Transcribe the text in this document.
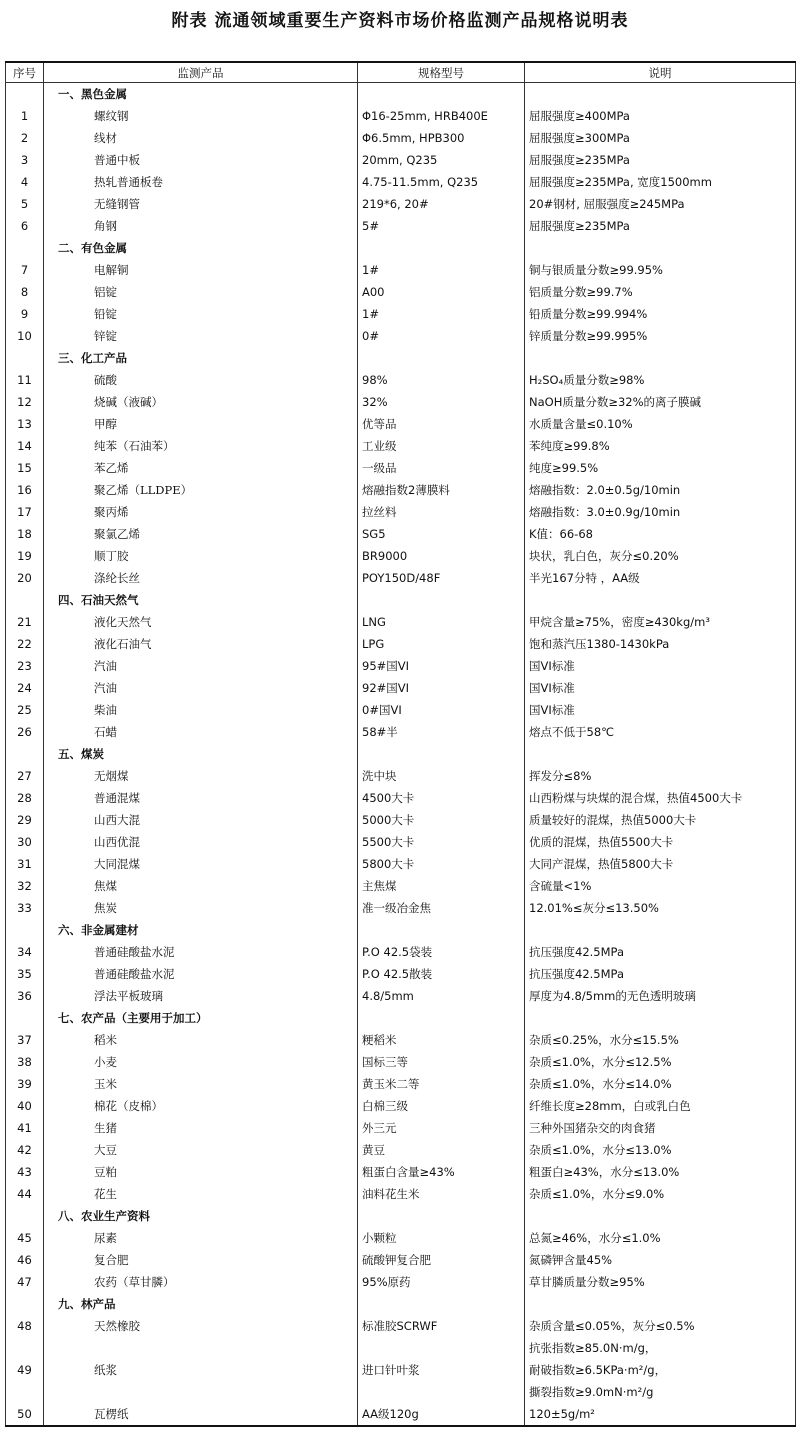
附表 流通领域重要生产资料市场价格监测产品规格说明表
序号	监测产品	规格型号	说明
	一、黑色金属		
1	螺纹钢	Φ16-25mm, HRB400E	屈服强度≥400MPa
2	线材	Φ6.5mm, HPB300	屈服强度≥300MPa
3	普通中板	20mm, Q235	屈服强度≥235MPa
4	热轧普通板卷	4.75-11.5mm, Q235	屈服强度≥235MPa, 宽度1500mm
5	无缝钢管	219*6, 20#	20#钢材, 屈服强度≥245MPa
6	角钢	5#	屈服强度≥235MPa
	二、有色金属		
7	电解铜	1#	铜与银质量分数≥99.95%
8	铝锭	A00	铝质量分数≥99.7%
9	铅锭	1#	铅质量分数≥99.994%
10	锌锭	0#	锌质量分数≥99.995%
	三、化工产品		
11	硫酸	98%	H₂SO₄质量分数≥98%
12	烧碱（液碱）	32%	NaOH质量分数≥32%的离子膜碱
13	甲醇	优等品	水质量含量≤0.10%
14	纯苯（石油苯）	工业级	苯纯度≥99.8%
15	苯乙烯	一级品	纯度≥99.5%
16	聚乙烯（LLDPE）	熔融指数2薄膜料	熔融指数：2.0±0.5g/10min
17	聚丙烯	拉丝料	熔融指数：3.0±0.9g/10min
18	聚氯乙烯	SG5	K值：66-68
19	顺丁胶	BR9000	块状，乳白色，灰分≤0.20%
20	涤纶长丝	POY150D/48F	半光167分特 ，AA级
	四、石油天然气		
21	液化天然气	LNG	甲烷含量≥75%，密度≥430kg/m³
22	液化石油气	LPG	饱和蒸汽压1380-1430kPa
23	汽油	95#国VI	国VI标准
24	汽油	92#国VI	国VI标准
25	柴油	0#国VI	国VI标准
26	石蜡	58#半	熔点不低于58℃
	五、煤炭		
27	无烟煤	洗中块	挥发分≤8%
28	普通混煤	4500大卡	山西粉煤与块煤的混合煤，热值4500大卡
29	山西大混	5000大卡	质量较好的混煤，热值5000大卡
30	山西优混	5500大卡	优质的混煤，热值5500大卡
31	大同混煤	5800大卡	大同产混煤，热值5800大卡
32	焦煤	主焦煤	含硫量<1%
33	焦炭	准一级冶金焦	12.01%≤灰分≤13.50%
	六、非金属建材		
34	普通硅酸盐水泥	P.O 42.5袋装	抗压强度42.5MPa
35	普通硅酸盐水泥	P.O 42.5散装	抗压强度42.5MPa
36	浮法平板玻璃	4.8/5mm	厚度为4.8/5mm的无色透明玻璃
	七、农产品（主要用于加工）		
37	稻米	粳稻米	杂质≤0.25%，水分≤15.5%
38	小麦	国标三等	杂质≤1.0%，水分≤12.5%
39	玉米	黄玉米二等	杂质≤1.0%，水分≤14.0%
40	棉花（皮棉）	白棉三级	纤维长度≥28mm，白或乳白色
41	生猪	外三元	三种外国猪杂交的肉食猪
42	大豆	黄豆	杂质≤1.0%，水分≤13.0%
43	豆粕	粗蛋白含量≥43%	粗蛋白≥43%，水分≤13.0%
44	花生	油料花生米	杂质≤1.0%，水分≤9.0%
	八、农业生产资料		
45	尿素	小颗粒	总氮≥46%，水分≤1.0%
46	复合肥	硫酸钾复合肥	氮磷钾含量45%
47	农药（草甘膦）	95%原药	草甘膦质量分数≥95%
	九、林产品		
48	天然橡胶	标准胶SCRWF	杂质含量≤0.05%，灰分≤0.5%
49	纸浆	进口针叶浆	抗张指数≥85.0N·m/g，
耐破指数≥6.5KPa·m²/g，
撕裂指数≥9.0mN·m²/g

50	瓦楞纸	AA级120g	120±5g/m²
